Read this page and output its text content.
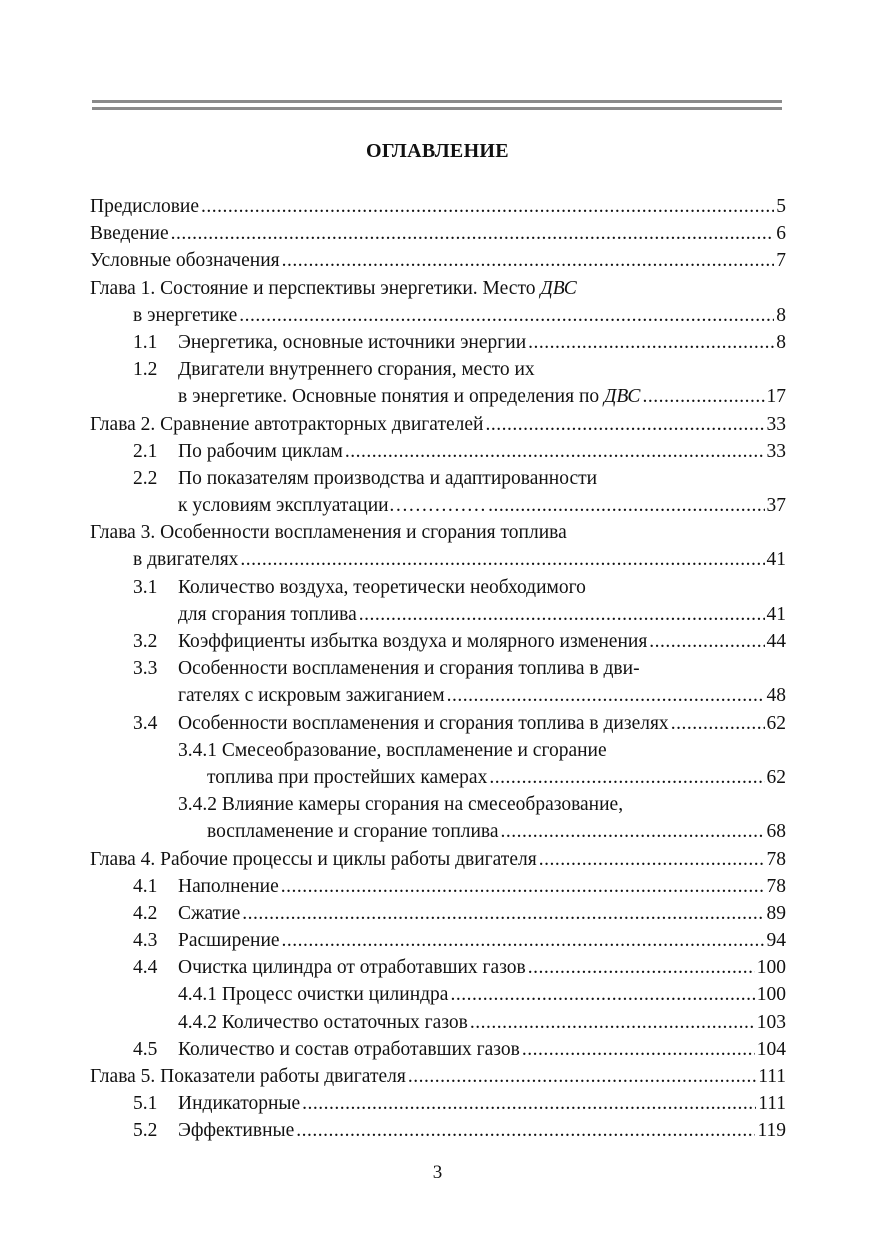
ОГЛАВЛЕНИЕ
Предисловие .....	5
Введение .....	6
Условные обозначения .....	7
Глава 1. Состояние и перспективы энергетики. Место ДВС
в энергетике .....	8
1.1	Энергетика, основные источники энергии .....	8
1.2	Двигатели внутреннего сгорания, место их
в энергетике. Основные понятия и определения по ДВС .....	17
Глава 2. Сравнение автотракторных двигателей .....	33
2.1	По рабочим циклам .....	33
2.2	По показателям производства и адаптированности
к условиям эксплуатации…………… .....	37
Глава 3. Особенности воспламенения и сгорания топлива
в двигателях .....	41
3.1	Количество воздуха, теоретически необходимого
для сгорания топлива .....	41
3.2	Коэффициенты избытка воздуха и молярного изменения .....	44
3.3	Особенности воспламенения и сгорания топлива в дви-
гателях с искровым зажиганием .....	48
3.4	Особенности воспламенения и сгорания топлива в дизелях .....	62
3.4.1 Смесеобразование, воспламенение и сгорание
топлива при простейших камерах .....	62
3.4.2 Влияние камеры сгорания на смесеобразование,
воспламенение и сгорание топлива .....	68
Глава 4. Рабочие процессы и циклы работы двигателя .....	78
4.1	Наполнение .....	78
4.2	Сжатие .....	89
4.3	Расширение .....	94
4.4	Очистка цилиндра от отработавших газов .....	100
4.4.1 Процесс очистки цилиндра .....	100
4.4.2 Количество остаточных газов .....	103
4.5	Количество и состав отработавших газов .....	104
Глава 5. Показатели работы двигателя .....	111
5.1	Индикаторные .....	111
5.2	Эффективные .....	119
3
